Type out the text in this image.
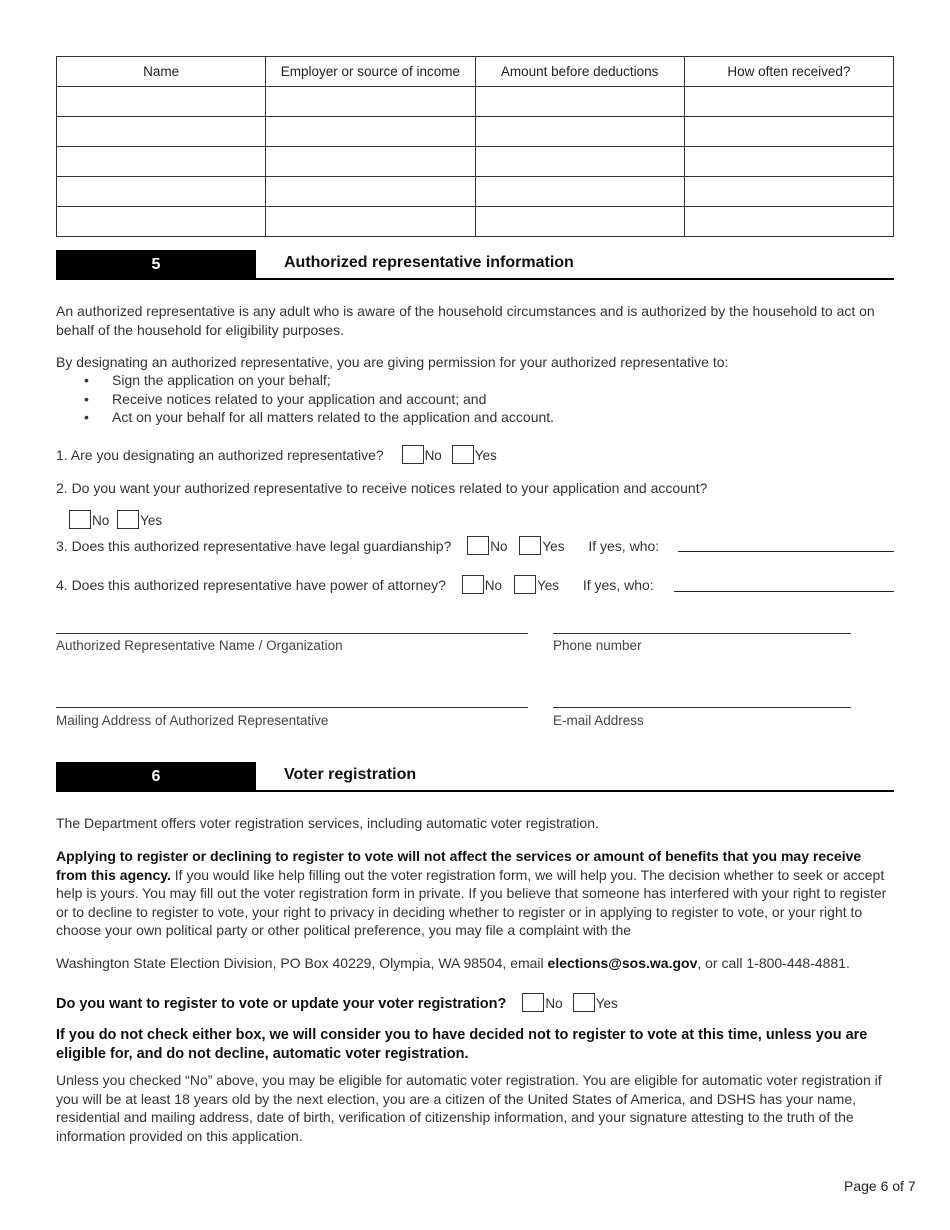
Name	Employer or source of income	Amount before deductions	How often received?

5	Authorized representative information
An authorized representative is any adult who is aware of the household circumstances and is authorized by the household to act on behalf of the household for eligibility purposes.
By designating an authorized representative, you are giving permission for your authorized representative to:
• Sign the application on your behalf;
• Receive notices related to your application and account; and
• Act on your behalf for all matters related to the application and account.
1. Are you designating an authorized representative?	No Yes
2. Do you want your authorized representative to receive notices related to your application and account?
No Yes
3. Does this authorized representative have legal guardianship?	No	Yes If yes, who:
4. Does this authorized representative have power of attorney?	No	Yes If yes, who:
Authorized Representative Name / Organization	Phone number
Mailing Address of Authorized Representative	E-mail Address
6	Voter registration
The Department offers voter registration services, including automatic voter registration.
Applying to register or declining to register to vote will not affect the services or amount of benefits that you may receive from this agency. If you would like help filling out the voter registration form, we will help you. The decision whether to seek or accept help is yours. You may fill out the voter registration form in private. If you believe that someone has interfered with your right to register or to decline to register to vote, your right to privacy in deciding whether to register or in applying to register to vote, or your right to choose your own political party or other political preference, you may file a complaint with the
Washington State Election Division, PO Box 40229, Olympia, WA 98504, email elections@sos.wa.gov, or call 1-800-448-4881.
Do you want to register to vote or update your voter registration?	No Yes
If you do not check either box, we will consider you to have decided not to register to vote at this time, unless you are eligible for, and do not decline, automatic voter registration.
Unless you checked “No” above, you may be eligible for automatic voter registration. You are eligible for automatic voter registration if you will be at least 18 years old by the next election, you are a citizen of the United States of America, and DSHS has your name, residential and mailing address, date of birth, verification of citizenship information, and your signature attesting to the truth of the information provided on this application.
Page 6 of 7
